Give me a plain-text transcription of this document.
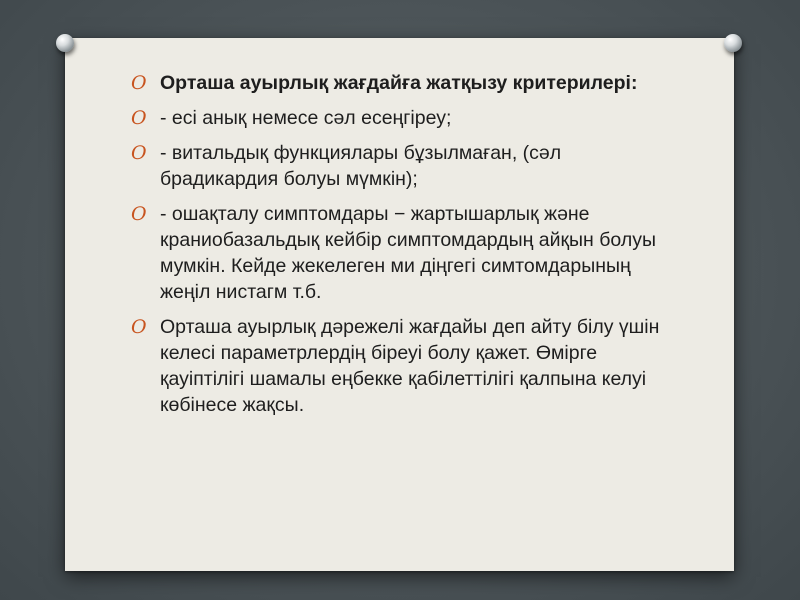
O Орташа ауырлық жағдайға жатқызу критерилері:
O - есі анық немесе сәл есеңгіреу;
O - витальдық функциялары бұзылмаған, (сәл брадикардия болуы мүмкін);
O - ошақталу симптомдары − жартышарлық және краниобазальдық кейбір симптомдардың айқын болуы мумкін. Кейде жекелеген ми діңгегі симтомдарының жеңіл нистагм т.б.
O Орташа ауырлық дәрежелі жағдайы деп айту білу үшін келесі параметрлердің біреуі болу қажет. Өмірге қауіптілігі шамалы еңбекке қабілеттілігі қалпына келуі көбінесе жақсы.
